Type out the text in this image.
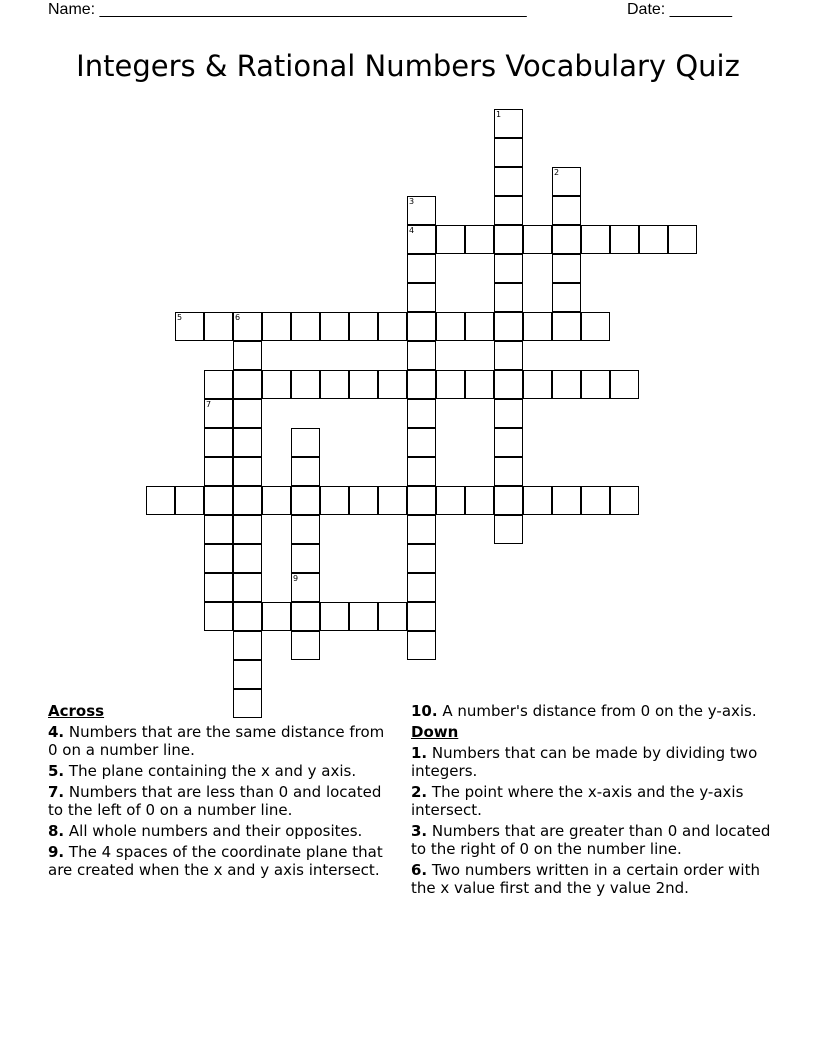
Name: ________________________________________________	Date: _______
Integers & Rational Numbers Vocabulary Quiz
1
2
3
4
5	6
7
9
Across
4. Numbers that are the same distance from 0 on a number line.
5. The plane containing the x and y axis.
7. Numbers that are less than 0 and located to the left of 0 on a number line.
8. All whole numbers and their opposites.
9. The 4 spaces of the coordinate plane that are created when the x and y axis intersect.
10. A number's distance from 0 on the y-axis.
Down
1. Numbers that can be made by dividing two integers.
2. The point where the x-axis and the y-axis intersect.
3. Numbers that are greater than 0 and located to the right of 0 on the number line.
6. Two numbers written in a certain order with the x value first and the y value 2nd.
